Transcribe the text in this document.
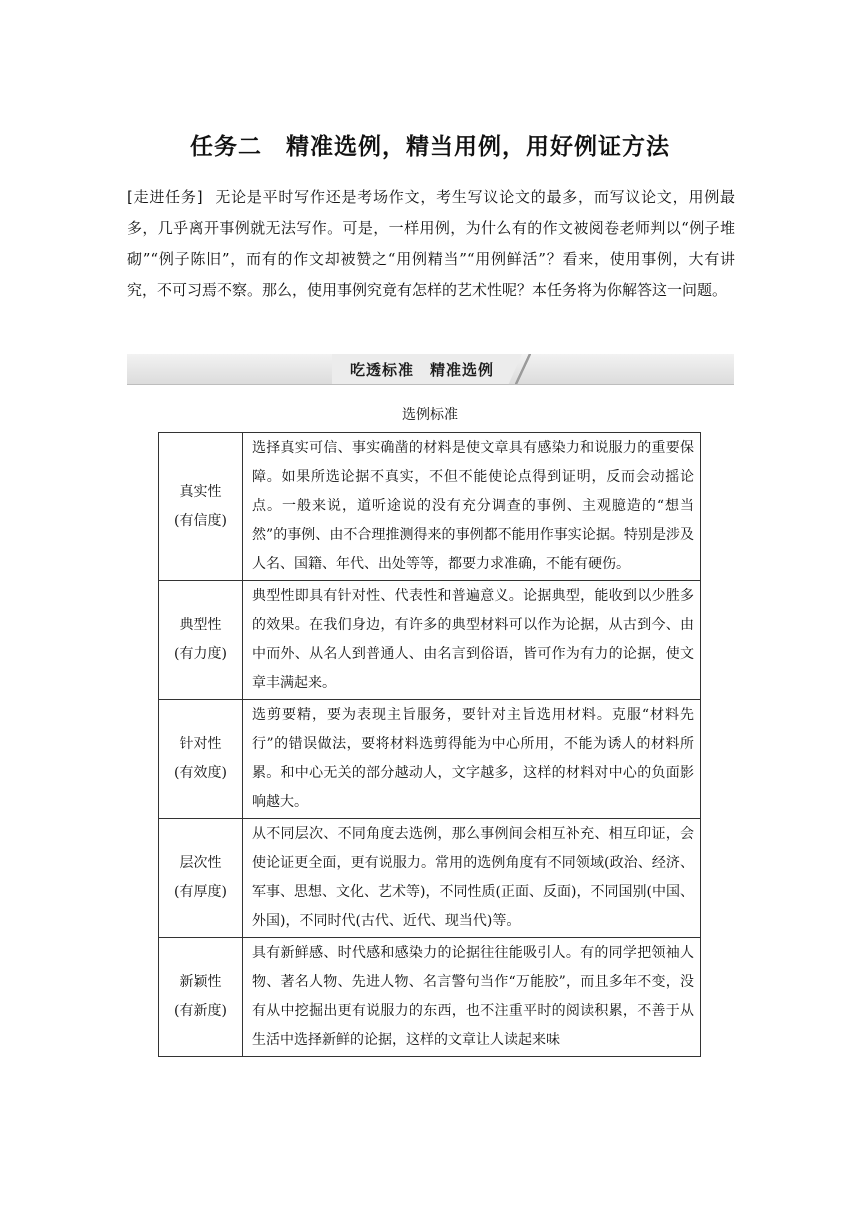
任务二　精准选例，精当用例，用好例证方法

[走进任务] 无论是平时写作还是考场作文，考生写议论文的最多，而写议论文，用例最多，几乎离开事例就无法写作。可是，一样用例，为什么有的作文被阅卷老师判以“例子堆砌”“例子陈旧”，而有的作文却被赞之“用例精当”“用例鲜活”？看来，使用事例，大有讲究，不可习焉不察。那么，使用事例究竟有怎样的艺术性呢？本任务将为你解答这一问题。

吃透标准　精准选例
选例标准
真实性
(有信度)	选择真实可信、事实确凿的材料是使文章具有感染力和说服力的重要保障。如果所选论据不真实，不但不能使论点得到证明，反而会动摇论点。一般来说，道听途说的没有充分调查的事例、主观臆造的“想当然”的事例、由不合理推测得来的事例都不能用作事实论据。特别是涉及人名、国籍、年代、出处等等，都要力求准确，不能有硬伤。

典型性
(有力度)	典型性即具有针对性、代表性和普遍意义。论据典型，能收到以少胜多的效果。在我们身边，有许多的典型材料可以作为论据，从古到今、由中而外、从名人到普通人、由名言到俗语，皆可作为有力的论据，使文章丰满起来。

针对性
(有效度)	选剪要精，要为表现主旨服务，要针对主旨选用材料。克服“材料先行”的错误做法，要将材料选剪得能为中心所用，不能为诱人的材料所累。和中心无关的部分越动人，文字越多，这样的材料对中心的负面影响越大。

层次性
(有厚度)	从不同层次、不同角度去选例，那么事例间会相互补充、相互印证，会使论证更全面，更有说服力。常用的选例角度有不同领域(政治、经济、军事、思想、文化、艺术等)，不同性质(正面、反面)，不同国别(中国、外国)，不同时代(古代、近代、现当代)等。

新颖性
(有新度)	具有新鲜感、时代感和感染力的论据往往能吸引人。有的同学把领袖人物、著名人物、先进人物、名言警句当作“万能胶”，而且多年不变，没有从中挖掘出更有说服力的东西，也不注重平时的阅读积累，不善于从生活中选择新鲜的论据，这样的文章让人读起来味
